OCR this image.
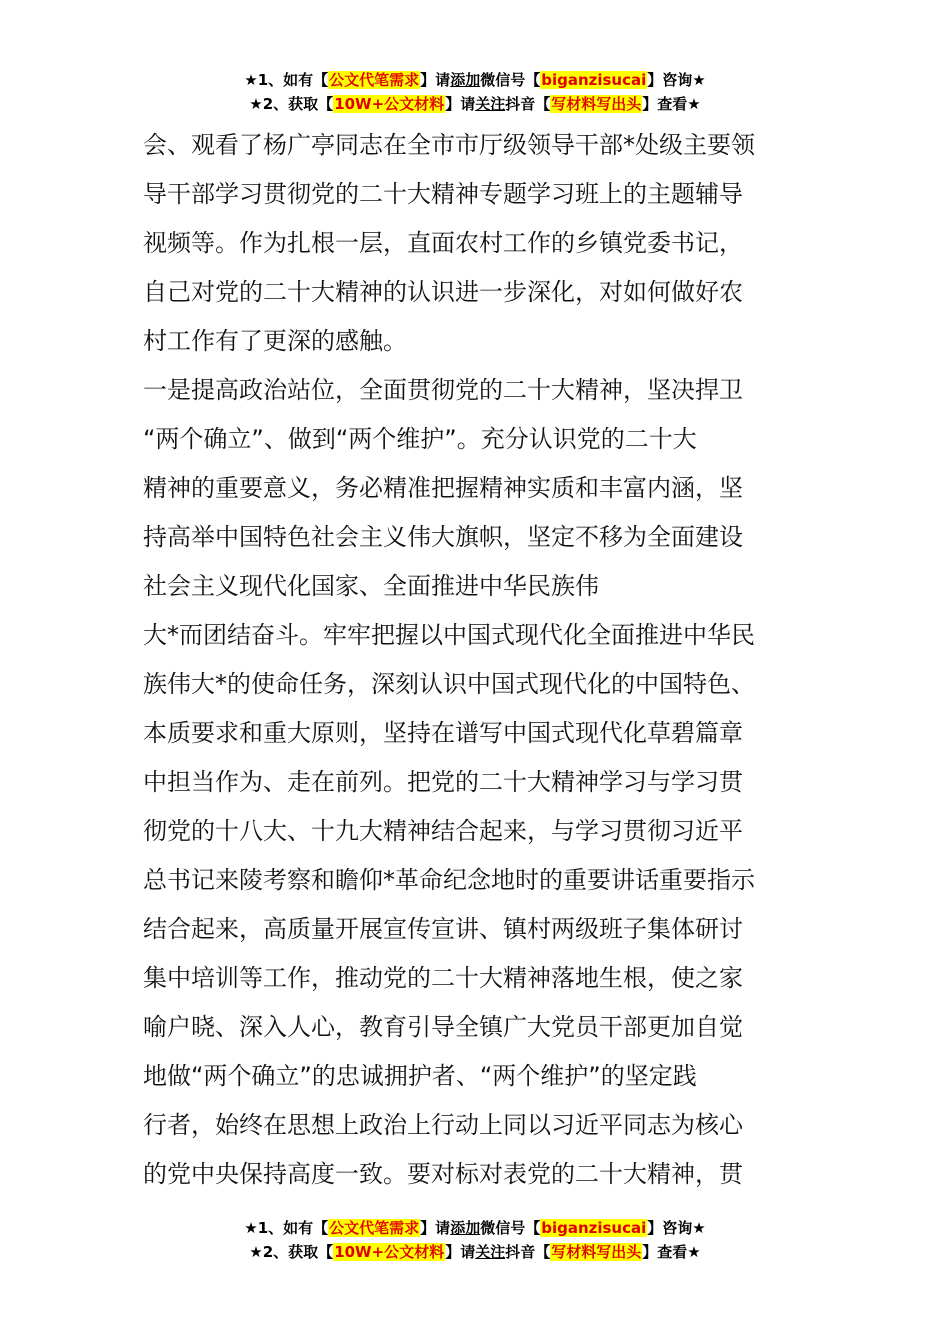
★1、如有【公文代笔需求】请添加微信号【biganzisucai】咨询★
★2、获取【10W+公文材料】请关注抖音【写材料写出头】查看★
会、观看了杨广亭同志在全市市厅级领导干部*处级主要领
导干部学习贯彻党的二十大精神专题学习班上的主题辅导
视频等。作为扎根一层，直面农村工作的乡镇党委书记，
自己对党的二十大精神的认识进一步深化，对如何做好农
村工作有了更深的感触。
一是提高政治站位，全面贯彻党的二十大精神，坚决捍卫
“两个确立”、做到“两个维护”。充分认识党的二十大
精神的重要意义，务必精准把握精神实质和丰富内涵，坚
持高举中国特色社会主义伟大旗帜，坚定不移为全面建设
社会主义现代化国家、全面推进中华民族伟
大*而团结奋斗。牢牢把握以中国式现代化全面推进中华民
族伟大*的使命任务，深刻认识中国式现代化的中国特色、
本质要求和重大原则，坚持在谱写中国式现代化草碧篇章
中担当作为、走在前列。把党的二十大精神学习与学习贯
彻党的十八大、十九大精神结合起来，与学习贯彻习近平
总书记来陵考察和瞻仰*革命纪念地时的重要讲话重要指示
结合起来，高质量开展宣传宣讲、镇村两级班子集体研讨
集中培训等工作，推动党的二十大精神落地生根，使之家
喻户晓、深入人心，教育引导全镇广大党员干部更加自觉
地做“两个确立”的忠诚拥护者、“两个维护”的坚定践
行者，始终在思想上政治上行动上同以习近平同志为核心
的党中央保持高度一致。要对标对表党的二十大精神，贯
★1、如有【公文代笔需求】请添加微信号【biganzisucai】咨询★
★2、获取【10W+公文材料】请关注抖音【写材料写出头】查看★
